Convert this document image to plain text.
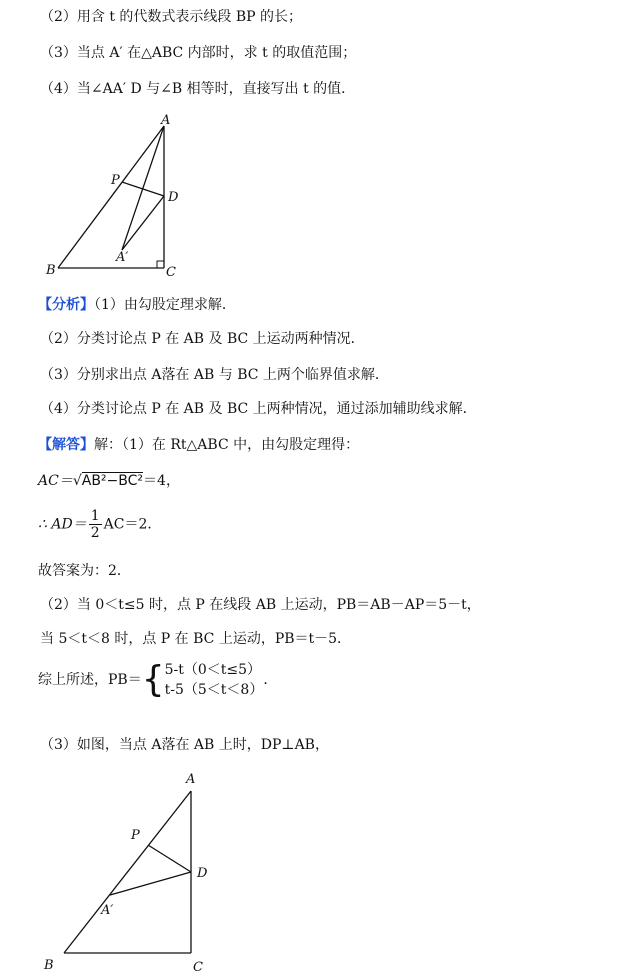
（2）用含 t 的代数式表示线段 BP 的长；
（3）当点 A′ 在△ABC 内部时，求 t 的取值范围；
（4）当∠AA′ D 与∠B 相等时，直接写出 t 的值．
A
P
D
A′
B	C
【分析】（1）由勾股定理求解．
（2）分类讨论点 P 在 AB 及 BC 上运动两种情况．
（3）分别求出点 A落在 AB 与 BC 上两个临界值求解．
（4）分类讨论点 P 在 AB 及 BC 上两种情况，通过添加辅助线求解．
【解答】解：（1）在 Rt△ABC 中，由勾股定理得：
AC＝√AB²−BC²＝4，
∴ $AD= \frac{1}{2} AC=2$．
故答案为：2．
（2）当 0＜t≤5 时，点 P 在线段 AB 上运动，PB＝AB－AP＝5－t，
当 5＜t＜8 时，点 P 在 BC 上运动，PB＝t－5．
综上所述，PB＝{ 5-t（0＜t≤5）
t-5（5＜t＜8）
．
（3）如图，当点 A落在 AB 上时，DP⊥AB，
A
P
D
A′
B	C
